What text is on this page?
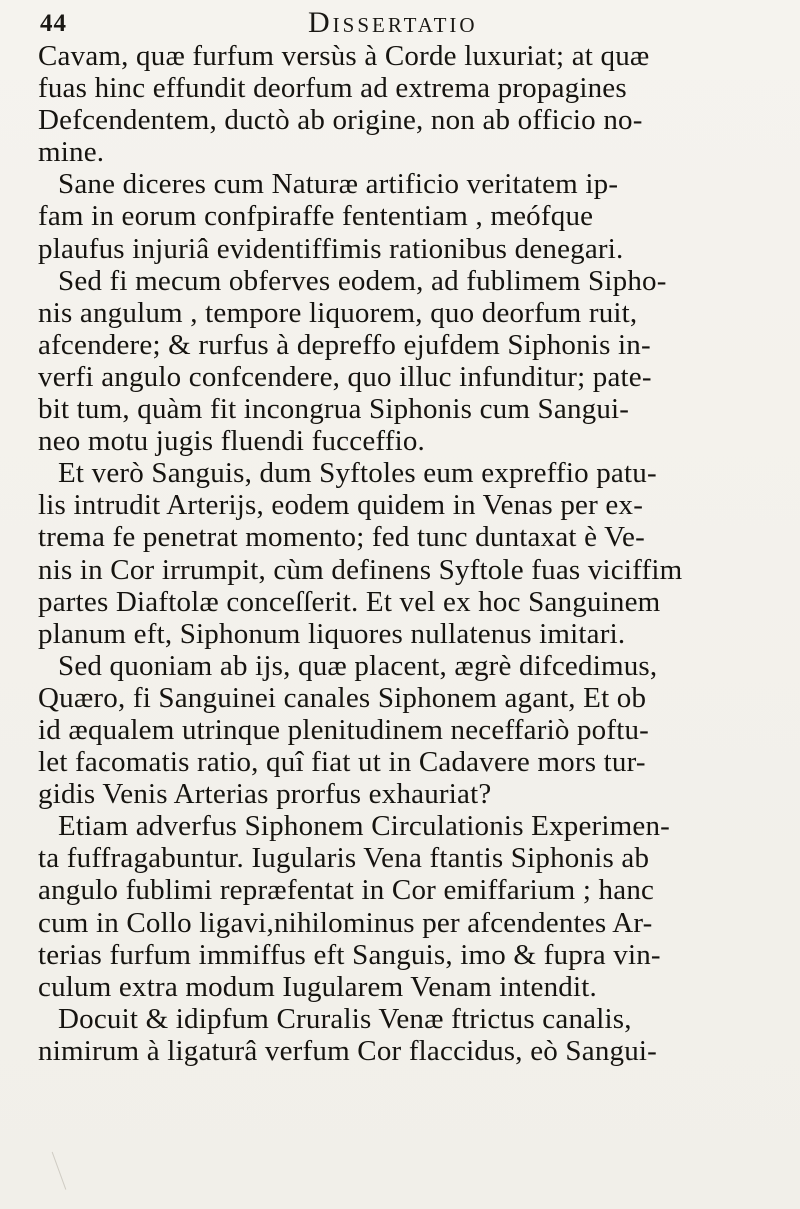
44	Dissertatio
Cavam, quæ furfum versùs à Corde luxuriat; at quæ
fuas hinc effundit deorfum ad extrema propagines
Defcendentem, ductò ab origine, non ab officio no-
mine.
Sane diceres cum Naturæ artificio veritatem ip-
fam in eorum confpiraffe fententiam , meófque
plaufus injuriâ evidentiffimis rationibus denegari.
Sed fi mecum obferves eodem, ad fublimem Sipho-
nis angulum , tempore liquorem, quo deorfum ruit,
afcendere; & rurfus à depreffo ejufdem Siphonis in-
verfi angulo confcendere, quo illuc infunditur; pate-
bit tum, quàm fit incongrua Siphonis cum Sangui-
neo motu jugis fluendi fucceffio.
Et verò Sanguis, dum Syftoles eum expreffio patu-
lis intrudit Arterijs, eodem quidem in Venas per ex-
trema fe penetrat momento; fed tunc duntaxat è Ve-
nis in Cor irrumpit, cùm definens Syftole fuas viciffim
partes Diaftolæ conceſſerit. Et vel ex hoc Sanguinem
planum eft, Siphonum liquores nullatenus imitari.
Sed quoniam ab ijs, quæ placent, ægrè difcedimus,
Quæro, fi Sanguinei canales Siphonem agant, Et ob
id æqualem utrinque plenitudinem neceffariò poftu-
let facomatis ratio, quî fiat ut in Cadavere mors tur-
gidis Venis Arterias prorfus exhauriat?
Etiam adverfus Siphonem Circulationis Experimen-
ta fuffragabuntur. Iugularis Vena ftantis Siphonis ab
angulo fublimi repræfentat in Cor emiffarium ; hanc
cum in Collo ligavi,nihilominus per afcendentes Ar-
terias furfum immiffus eft Sanguis, imo & fupra vin-
culum extra modum Iugularem Venam intendit.
Docuit & idipfum Cruralis Venæ ftrictus canalis,
nimirum à ligaturâ verfum Cor flaccidus, eò Sangui-
